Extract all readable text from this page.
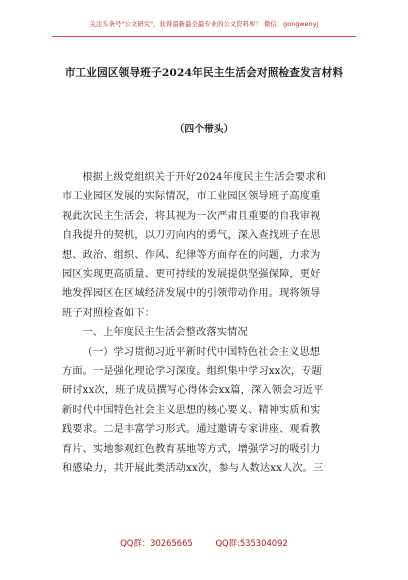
关注头条号"公文研究"，获得最新最全最专业的公文资料库！ 微信：gongwenyj
市工业园区领导班子2024年民主生活会对照检查发言材料
（四个带头）
根据上级党组织关于开好2024年度民主生活会要求和
市工业园区发展的实际情况，市工业园区领导班子高度重
视此次民主生活会，将其视为一次严肃且重要的自我审视
自我提升的契机，以刀刃向内的勇气，深入查找班子在思
想、政治、组织、作风、纪律等方面存在的问题，力求为
园区实现更高质量、更可持续的发展提供坚强保障，更好
地发挥园区在区域经济发展中的引领带动作用。现将领导
班子对照检查如下：
一、上年度民主生活会整改落实情况
（一）学习贯彻习近平新时代中国特色社会主义思想
方面。一是强化理论学习深度。组织集中学习xx次，专题
研讨xx次，班子成员撰写心得体会xx篇，深入领会习近平
新时代中国特色社会主义思想的核心要义、精神实质和实
践要求。二是丰富学习形式。通过邀请专家讲座、观看教
育片、实地参观红色教育基地等方式，增强学习的吸引力
和感染力，共开展此类活动xx次，参与人数达xx人次。三
QQ群：30265665	QQ群:535304092
